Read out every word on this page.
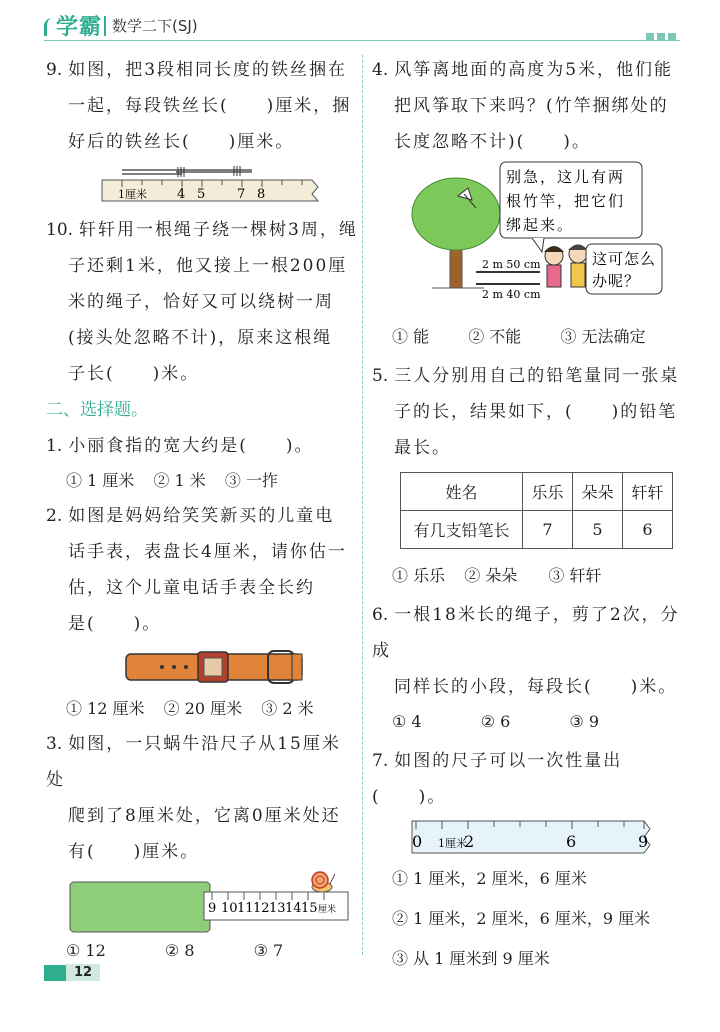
学霸 数学二下(SJ)
9. 如图，把3段相同长度的铁丝捆在
一起，每段铁丝长(　　)厘米，捆
好后的铁丝长(　　)厘米。
1厘米 4 5 7 8
10. 轩轩用一根绳子绕一棵树3周，绳
子还剩1米，他又接上一根200厘
米的绳子，恰好又可以绕树一周
(接头处忽略不计)，原来这根绳
子长(　　)米。
二、选择题。
1. 小丽食指的宽大约是(　　)。
① 1 厘米 ② 1 米 ③ 一拃
2. 如图是妈妈给笑笑新买的儿童电
话手表，表盘长4厘米，请你估一
估，这个儿童电话手表全长约
是(　　)。
① 12 厘米 ② 20 厘米 ③ 2 米
3. 如图，一只蜗牛沿尺子从15厘米处
爬到了8厘米处，它离0厘米处还
有(　　)厘米。
9 10 11 12 13 14 15 厘米
① 12	② 8	③ 7
4. 风筝离地面的高度为5米，他们能
把风筝取下来吗？(竹竿捆绑处的
长度忽略不计)(　　)。
2 m 50 cm
2 m 40 cm
别急，这儿有两
根竹竿，把它们
绑起来。
这可怎么
办呢？
① 能 ② 不能 ③ 无法确定
5. 三人分别用自己的铅笔量同一张桌
子的长，结果如下，(　　)的铅笔
最长。
姓名	乐乐	朵朵	轩轩
有几支铅笔长	7	5	6
① 乐乐 ② 朵朵 ③ 轩轩
6. 一根18米长的绳子，剪了2次，分成
同样长的小段，每段长(　　)米。
① 4	② 6	③ 9
7. 如图的尺子可以一次性量出(　　)。
0 1厘米
2	6	9
① 1 厘米，2 厘米，6 厘米
② 1 厘米，2 厘米，6 厘米，9 厘米
③ 从 1 厘米到 9 厘米
12
